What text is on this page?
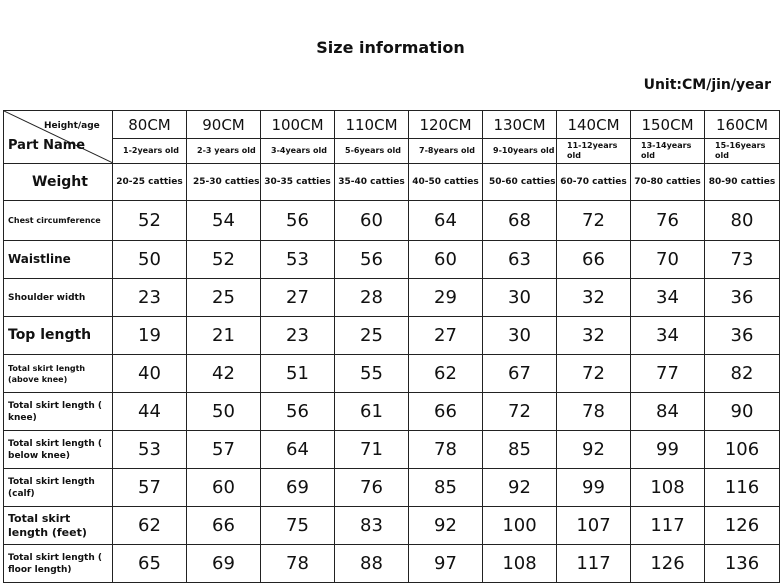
Size information
Unit:CM/jin/year
Height/age
Part Name	80CM	90CM	100CM	110CM	120CM	130CM	140CM	150CM	160CM
	1-2years old	2-3 years old	3-4years old	5-6years old	7-8years old	9-10years old	11-12years old	13-14years old	15-16years old
Weight	20-25 catties	25-30 catties	30-35 catties	35-40 catties	40-50 catties	50-60 catties	60-70 catties	70-80 catties	80-90 catties
Chest circumference	52	54	56	60	64	68	72	76	80
Waistline	50	52	53	56	60	63	66	70	73
Shoulder width	23	25	27	28	29	30	32	34	36
Top length	19	21	23	25	27	30	32	34	36
Total skirt length (above knee)	40	42	51	55	62	67	72	77	82
Total skirt length ( knee)	44	50	56	61	66	72	78	84	90
Total skirt length ( below knee)	53	57	64	71	78	85	92	99	106
Total skirt length (calf)	57	60	69	76	85	92	99	108	116
Total skirt length (feet)	62	66	75	83	92	100	107	117	126
Total skirt length ( floor length)	65	69	78	88	97	108	117	126	136
